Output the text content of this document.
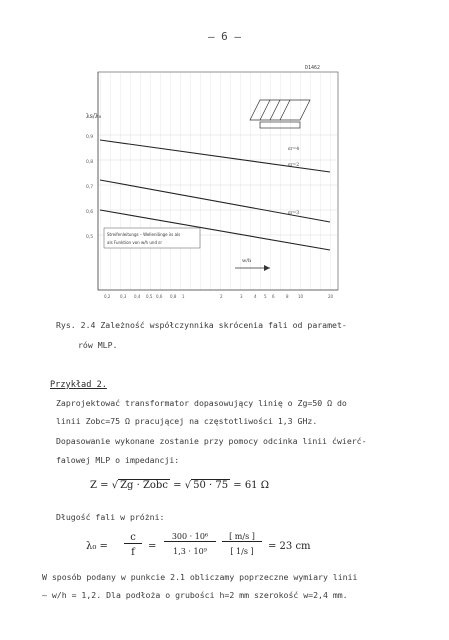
– 6 –
D1462
λs/λ₀
0,9
0,8
0,7
0,6
0,5
0,2 0,3 0,4 0,5 0,6 0,8 1	2	3	4 5 6	8 10	20
Streifenleitungs – Wellenlänge λs als
als Funktion von w/h und εr
εr=2
εr=3
εr=4
w/h
Rys. 2.4 Zależność współczynnika skrócenia fali od paramet-
rów MLP.
Przykład 2.
Zaprojektować transformator dopasowujący linię o Zg=50 Ω do
linii Zobc=75 Ω pracującej na częstotliwości 1,3 GHz.
Dopasowanie wykonane zostanie przy pomocy odcinka linii ćwierć-
falowej MLP o impedancji:
Z = √ Zg · Zobc = √ 50 · 75 = 61 Ω
Długość fali w próżni:
λ₀ =
c
f
=
300 · 10⁶
1,3 · 10⁹
[ m/s ]
[ 1/s ]	= 23 cm
W sposób podany w punkcie 2.1 obliczamy poprzeczne wymiary linii
– w/h = 1,2. Dla podłoża o grubości h=2 mm szerokość w=2,4 mm.
